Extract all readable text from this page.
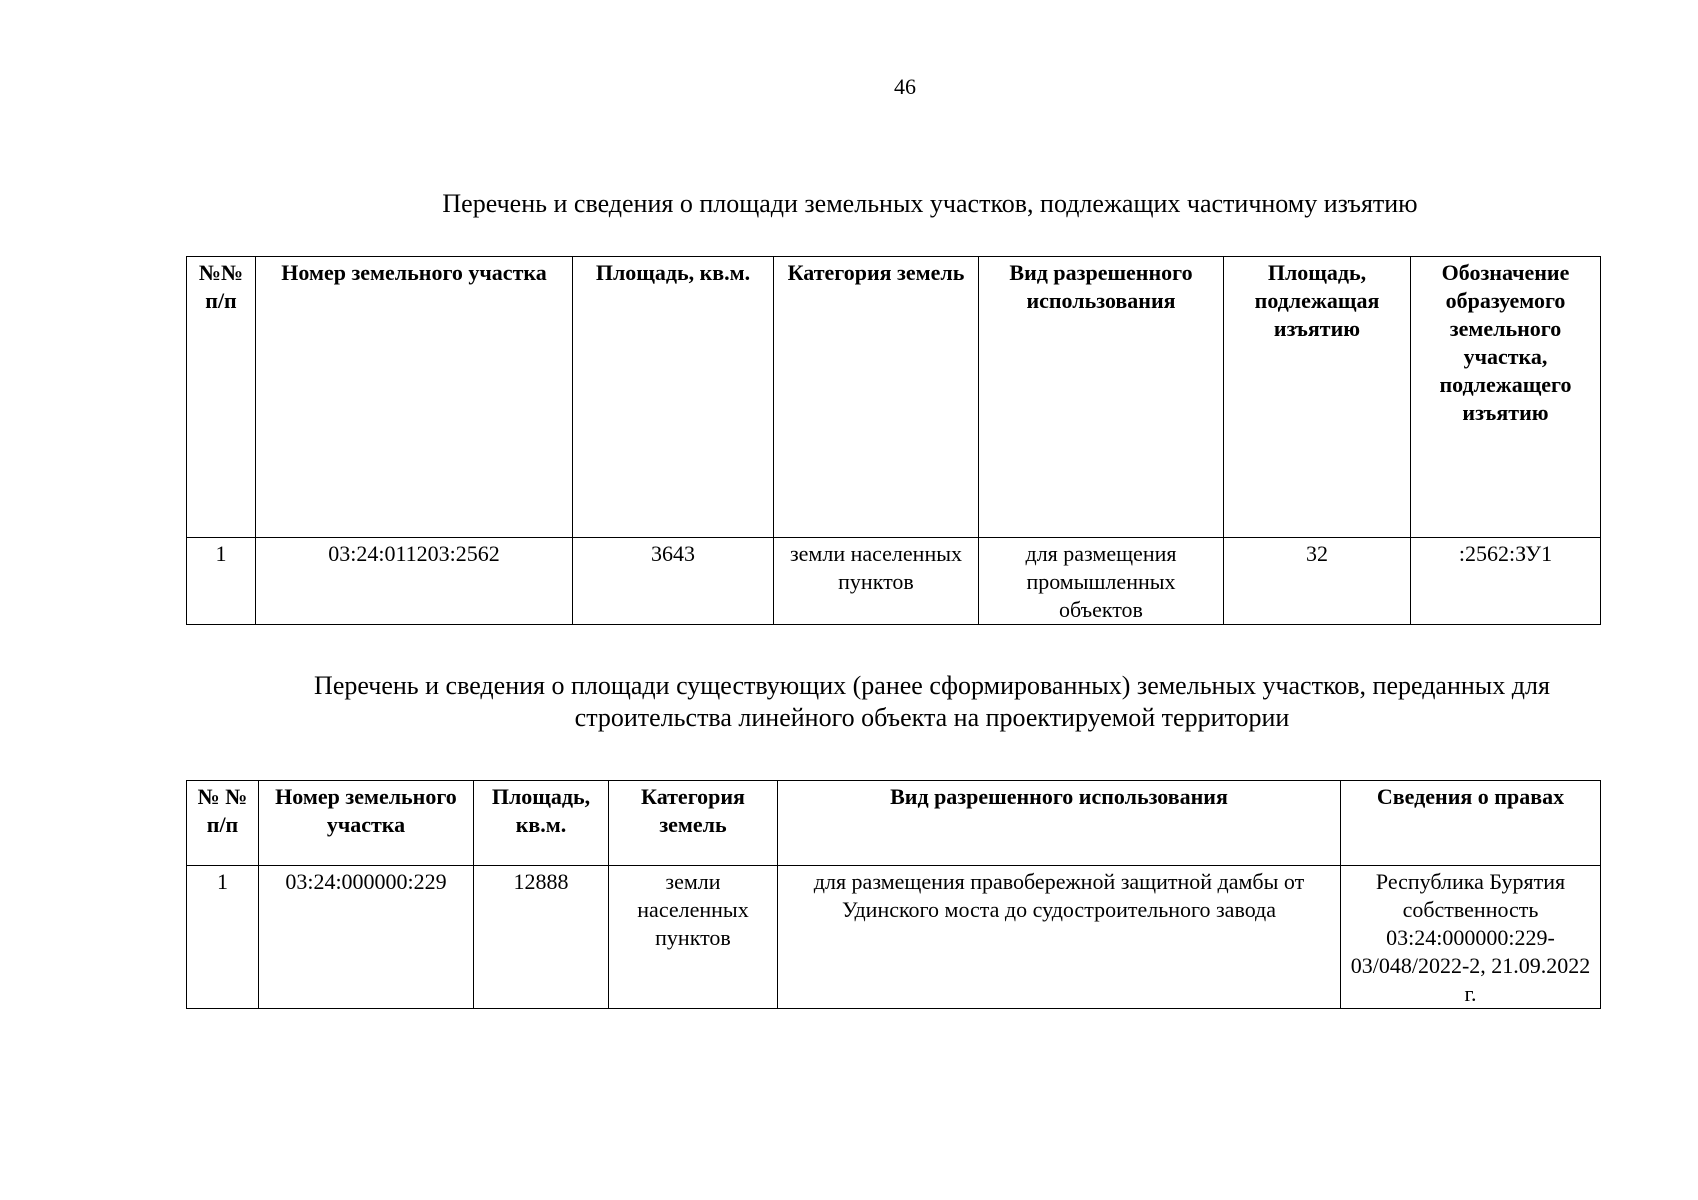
46
Перечень и сведения о площади земельных участков, подлежащих частичному изъятию
№№ п/п	Номер земельного участка	Площадь, кв.м.	Категория земель	Вид разрешенного использования	Площадь, подлежащая изъятию	Обозначение образуемого земельного участка, подлежащего изъятию
1	03:24:011203:2562	3643	земли населенных пунктов	для размещения промышленных объектов	32	:2562:ЗУ1
Перечень и сведения о площади существующих (ранее сформированных) земельных участков, переданных для строительства линейного объекта на проектируемой территории
№ № п/п	Номер земельного участка	Площадь, кв.м.	Категория земель	Вид разрешенного использования	Сведения о правах
1	03:24:000000:229	12888	земли населенных пунктов	для размещения правобережной защитной дамбы от Удинского моста до судостроительного завода	Республика Бурятия собственность 03:24:000000:229-03/048/2022-2, 21.09.2022 г.
